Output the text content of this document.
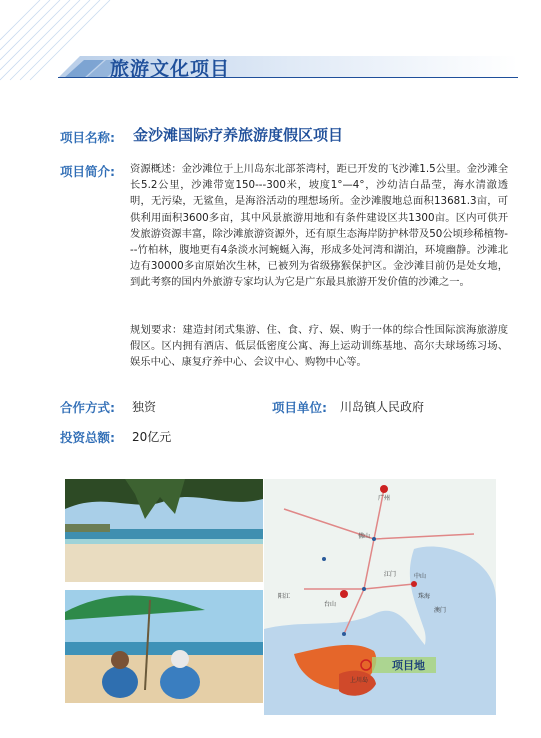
旅游文化项目
项目名称: 金沙滩国际疗养旅游度假区项目
项目简介: 资源概述：金沙滩位于上川岛东北部茶湾村，距已开发的飞沙滩1.5公里。金沙滩全长5.2公里，沙滩带宽150---300米，坡度1°—4°，沙幼洁白晶莹，海水清澈透明，无污染，无鲨鱼，是海浴活动的理想场所。金沙滩腹地总面积13681.3亩，可供利用面积3600多亩，其中风景旅游用地和有条件建设区共1300亩。区内可供开发旅游资源丰富，除沙滩旅游资源外，还有原生态海岸防护林带及50公顷珍稀植物---竹柏林，腹地更有4条淡水河蜿蜒入海，形成多处河湾和湖泊，环境幽静。沙滩北边有30000多亩原始次生林，已被列为省级猕猴保护区。金沙滩目前仍是处女地，到此考察的国内外旅游专家均认为它是广东最具旅游开发价值的沙滩之一。
规划要求：建造封闭式集游、住、食、疗、娱、购于一体的综合性国际滨海旅游度假区。区内拥有酒店、低层低密度公寓、海上运动训练基地、高尔夫球场练习场、娱乐中心、康复疗养中心、会议中心、购物中心等。
合作方式: 独资	项目单位: 川岛镇人民政府
投资总额: 20亿元
广州
佛山
江门	中山
珠海
澳门
阳江
台山
上川岛
项目地
